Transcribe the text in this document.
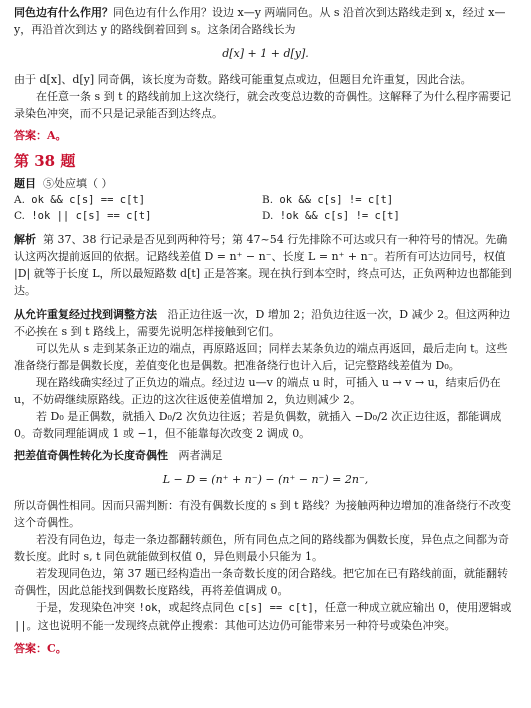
同色边有什么作用？同色边有什么作用？设边 x—y 两端同色。从 s 沿首次到达路线走到 x，经过 x—y，再沿首次到达 y 的路线倒着回到 s。这条闭合路线长为

d[x] + 1 + d[y].

由于 d[x]、d[y] 同奇偶，该长度为奇数。路线可能重复点或边，但题目允许重复，因此合法。

在任意一条 s 到 t 的路线前加上这次绕行，就会改变总边数的奇偶性。这解释了为什么程序需要记录染色冲突，而不只是记录能否到达终点。

答案：A。

第 38 题

题目 ⑤处应填（ ）

A. ok && c[s] == c[t]	B. ok && c[s] != c[t]
C. !ok || c[s] == c[t]	D. !ok && c[s] != c[t]

解析 第 37、38 行记录是否见到两种符号；第 47~54 行先排除不可达或只有一种符号的情况。先确认这两次提前返回的依据。记路线差值 D = n⁺ − n⁻、长度 L = n⁺ + n⁻。若所有可达边同号，权值 |D| 就等于长度 L，所以最短路数 d[t] 正是答案。现在执行到本空时，终点可达，正负两种边也都能到达。

从允许重复经过找到调整方法 沿正边往返一次，D 增加 2；沿负边往返一次，D 减少 2。但这两种边不必挨在 s 到 t 路线上，需要先说明怎样接触到它们。

可以先从 s 走到某条正边的端点，再原路返回；同样去某条负边的端点再返回，最后走向 t。这些准备绕行都是偶数长度，差值变化也是偶数。把准备绕行也计入后，记完整路线差值为 D₀。

现在路线确实经过了正负边的端点。经过边 u—v 的端点 u 时，可插入 u → v → u，结束后仍在 u，不妨碍继续原路线。正边的这次往返使差值增加 2，负边则减少 2。

若 D₀ 是正偶数，就插入 D₀/2 次负边往返；若是负偶数，就插入 −D₀/2 次正边往返，都能调成 0。奇数同理能调成 1 或 −1，但不能靠每次改变 2 调成 0。

把差值奇偶性转化为长度奇偶性 两者满足

L − D = (n⁺ + n⁻) − (n⁺ − n⁻) = 2n⁻,

所以奇偶性相同。因而只需判断：有没有偶数长度的 s 到 t 路线？为接触两种边增加的准备绕行不改变这个奇偶性。

若没有同色边，每走一条边都翻转颜色，所有同色点之间的路线都为偶数长度，异色点之间都为奇数长度。此时 s, t 同色就能做到权值 0，异色则最小只能为 1。

若发现同色边，第 37 题已经构造出一条奇数长度的闭合路线。把它加在已有路线前面，就能翻转奇偶性，因此总能找到偶数长度路线，再将差值调成 0。

于是，发现染色冲突 !ok，或起终点同色 c[s] == c[t]，任意一种成立就应输出 0，使用逻辑或 ||。这也说明不能一发现终点就停止搜索：其他可达边仍可能带来另一种符号或染色冲突。

答案：C。
